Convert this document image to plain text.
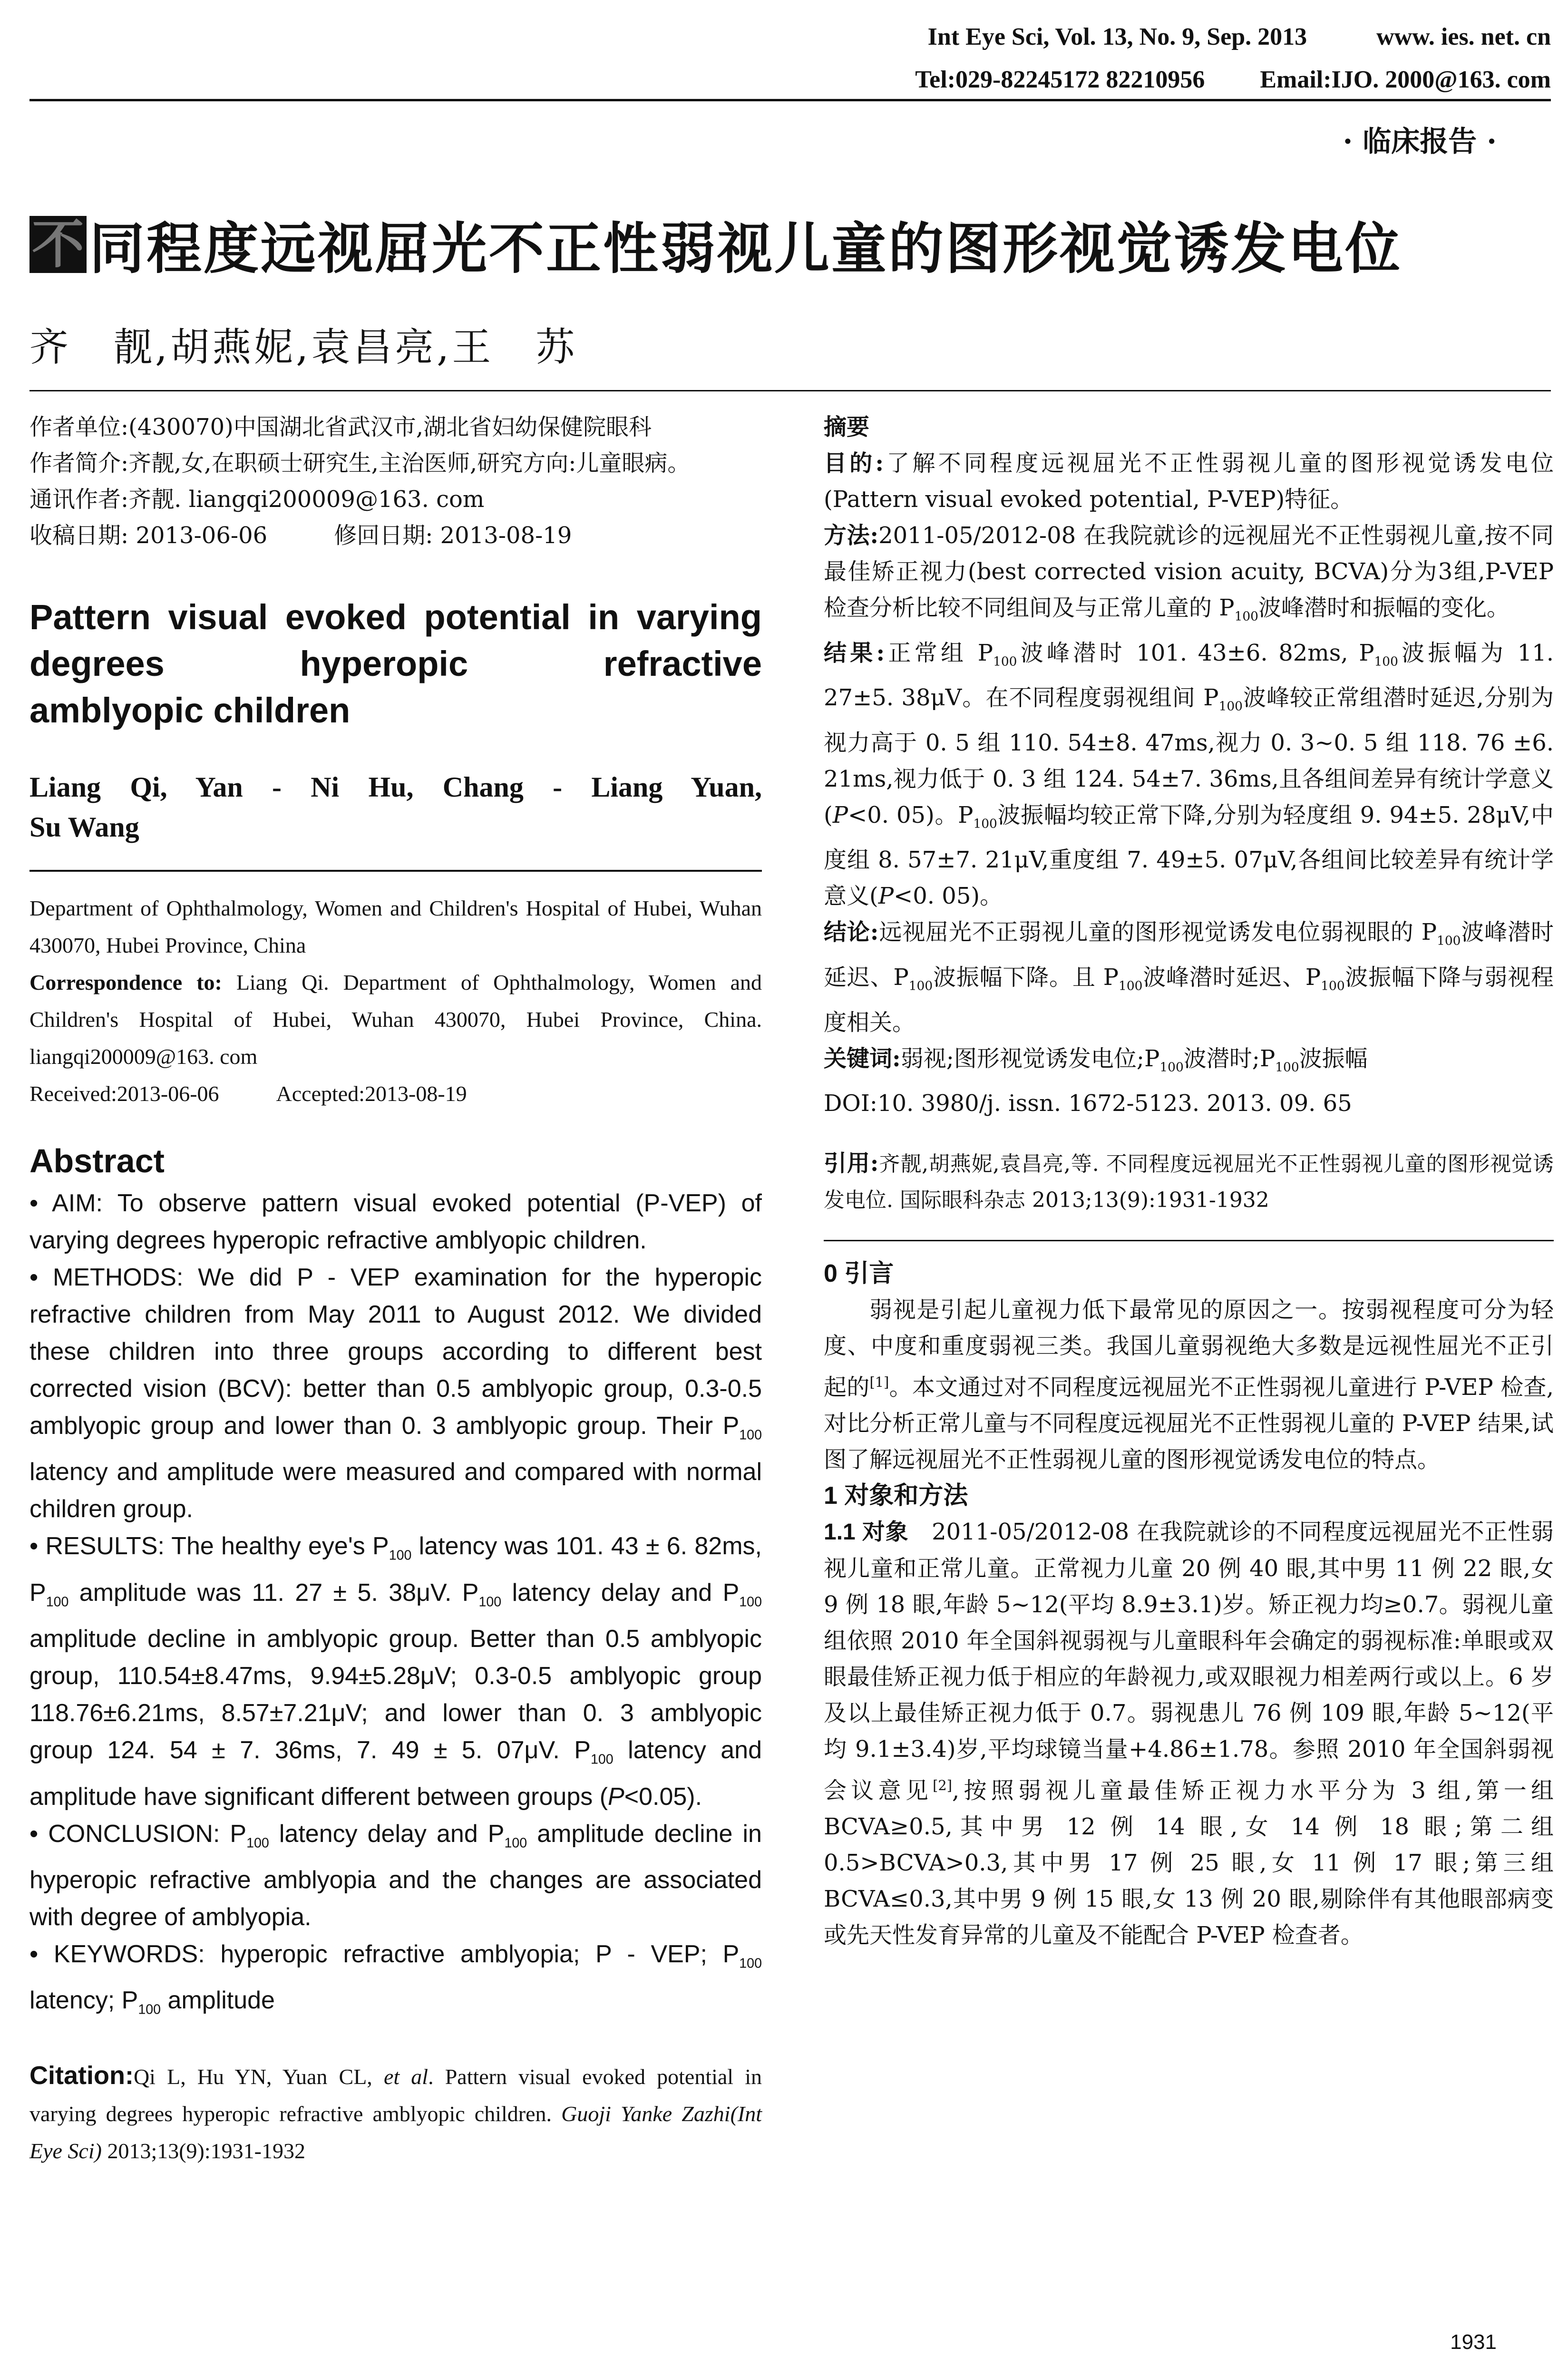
Int Eye Sci, Vol. 13, No. 9, Sep. 2013	www. ies. net. cn
Tel:029-82245172 82210956 Email:IJO. 2000@163. com
· 临床报告 ·
不 同程度远视屈光不正性弱视儿童的图形视觉诱发电位
齐　靓,胡燕妮,袁昌亮,王　苏

作者单位:(430070)中国湖北省武汉市,湖北省妇幼保健院眼科

作者简介:齐靓,女,在职硕士研究生,主治医师,研究方向:儿童眼病。

通讯作者:齐靓. liangqi200009@163. com

收稿日期: 2013-06-06	修回日期: 2013-08-19

Pattern visual evoked potential in varying
degrees hyperopic refractive
amblyopic children

Liang Qi, Yan - Ni Hu, Chang - Liang Yuan,
Su Wang

Department of Ophthalmology, Women and Children's Hospital of Hubei, Wuhan 430070, Hubei Province, China

Correspondence to: Liang Qi. Department of Ophthalmology, Women and Children's Hospital of Hubei, Wuhan 430070, Hubei Province, China. liangqi200009@163. com

Received:2013-06-06	Accepted:2013-08-19

Abstract

• AIM: To observe pattern visual evoked potential (P-VEP) of varying degrees hyperopic refractive amblyopic children.

• METHODS: We did P - VEP examination for the hyperopic refractive children from May 2011 to August 2012. We divided these children into three groups according to different best corrected vision (BCV): better than 0.5 amblyopic group, 0.3-0.5 amblyopic group and lower than 0. 3 amblyopic group. Their $P_{100}$ latency and amplitude were measured and compared with normal children group.

• RESULTS: The healthy eye's $P_{100}$ latency was 101. 43 ± 6. 82ms, $P_{100}$ amplitude was 11. 27 ± 5. 38μV. $P_{100}$ latency delay and $P_{100}$ amplitude decline in amblyopic group. Better than 0.5 amblyopic group, 110.54±8.47ms, 9.94±5.28μV; 0.3-0.5 amblyopic group 118.76±6.21ms, 8.57±7.21μV; and lower than 0. 3 amblyopic group 124. 54 ± 7. 36ms, 7. 49 ± 5. 07μV. $P_{100}$ latency and amplitude have significant different between groups (P<0.05).

• CONCLUSION: $P_{100}$ latency delay and $P_{100}$ amplitude decline in hyperopic refractive amblyopia and the changes are associated with degree of amblyopia.

• KEYWORDS: hyperopic refractive amblyopia; P - VEP; $P_{100}$ latency; $P_{100}$ amplitude

Citation:Qi L, Hu YN, Yuan CL, et al. Pattern visual evoked potential in varying degrees hyperopic refractive amblyopic children. Guoji Yanke Zazhi(Int Eye Sci) 2013;13(9):1931-1932

摘要

目的:了解不同程度远视屈光不正性弱视儿童的图形视觉诱发电位(Pattern visual evoked potential, P-VEP)特征。

方法:2011-05/2012-08 在我院就诊的远视屈光不正性弱视儿童,按不同最佳矫正视力(best corrected vision acuity, BCVA)分为3组,P-VEP 检查分析比较不同组间及与正常儿童的 $P_{100}$波峰潜时和振幅的变化。

结果:正常组 $P_{100}$波峰潜时 101. 43±6. 82ms, $P_{100}$波振幅为 11. 27±5. 38μV。在不同程度弱视组间 $P_{100}$波峰较正常组潜时延迟,分别为视力高于 0. 5 组 110. 54±8. 47ms,视力 0. 3~0. 5 组 118. 76 ±6. 21ms,视力低于 0. 3 组 124. 54±7. 36ms,且各组间差异有统计学意义(P<0. 05)。$P_{100}$波振幅均较正常下降,分别为轻度组 9. 94±5. 28μV,中度组 8. 57±7. 21μV,重度组 7. 49±5. 07μV,各组间比较差异有统计学意义(P<0. 05)。

结论:远视屈光不正弱视儿童的图形视觉诱发电位弱视眼的 $P_{100}$波峰潜时延迟、$P_{100}$波振幅下降。且 $P_{100}$波峰潜时延迟、$P_{100}$波振幅下降与弱视程度相关。

关键词:弱视;图形视觉诱发电位$;P_{100}$波潜时$;P_{100}$波振幅

DOI:10. 3980/j. issn. 1672-5123. 2013. 09. 65

引用:齐靓,胡燕妮,袁昌亮,等. 不同程度远视屈光不正性弱视儿童的图形视觉诱发电位. 国际眼科杂志 2013;13(9):1931-1932

0 引言

弱视是引起儿童视力低下最常见的原因之一。按弱视程度可分为轻度、中度和重度弱视三类。我国儿童弱视绝大多数是远视性屈光不正引起的[1]。本文通过对不同程度远视屈光不正性弱视儿童进行 P-VEP 检查,对比分析正常儿童与不同程度远视屈光不正性弱视儿童的 P-VEP 结果,试图了解远视屈光不正性弱视儿童的图形视觉诱发电位的特点。

1 对象和方法

1.1 对象　2011-05/2012-08 在我院就诊的不同程度远视屈光不正性弱视儿童和正常儿童。正常视力儿童 20 例 40 眼,其中男 11 例 22 眼,女 9 例 18 眼,年龄 5~12(平均 8.9±3.1)岁。矫正视力均≥0.7。弱视儿童组依照 2010 年全国斜视弱视与儿童眼科年会确定的弱视标准:单眼或双眼最佳矫正视力低于相应的年龄视力,或双眼视力相差两行或以上。6 岁及以上最佳矫正视力低于 0.7。弱视患儿 76 例 109 眼,年龄 5~12(平均 9.1±3.4)岁,平均球镜当量+4.86±1.78。参照 2010 年全国斜弱视会议意见[2],按照弱视儿童最佳矫正视力水平分为 3 组,第一组 BCVA≥0.5,其中男 12 例 14 眼,女 14 例 18 眼;第二组 0.5>BCVA>0.3,其中男 17 例 25 眼,女 11 例 17 眼;第三组 BCVA≤0.3,其中男 9 例 15 眼,女 13 例 20 眼,剔除伴有其他眼部病变或先天性发育异常的儿童及不能配合 P-VEP 检查者。

1931
